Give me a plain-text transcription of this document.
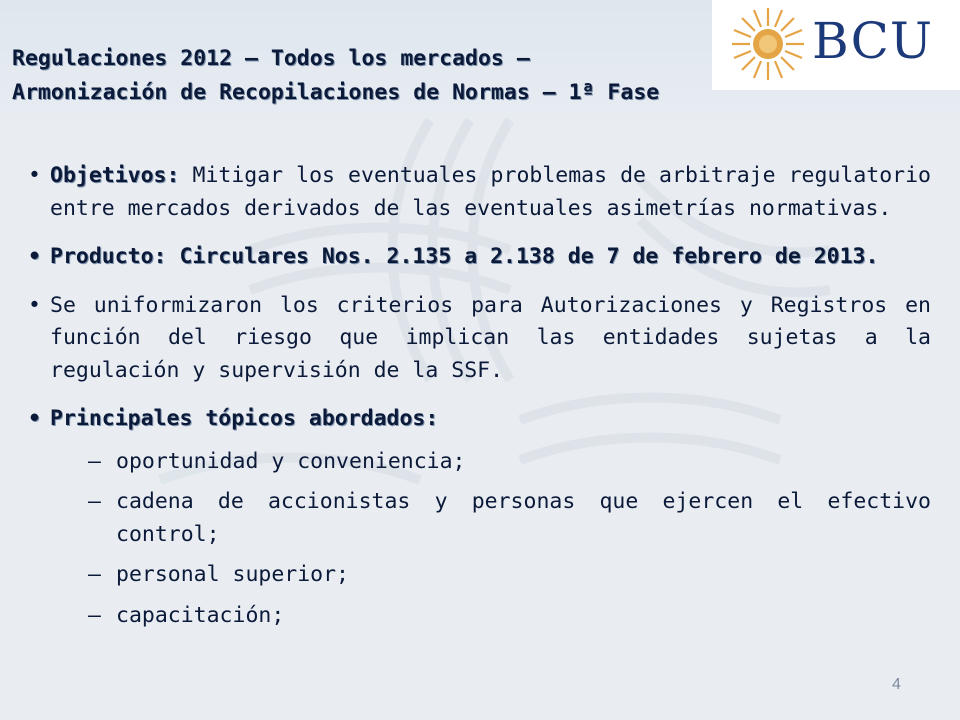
BCU
Regulaciones 2012 – Todos los mercados –
Armonización de Recopilaciones de Normas – 1ª Fase

• Objetivos: Mitigar los eventuales problemas de arbitraje regulatorio entre mercados derivados de las eventuales asimetrías normativas.

• Producto: Circulares Nos. 2.135 a 2.138 de 7 de febrero de 2013.

• Se uniformizaron los criterios para Autorizaciones y Registros en función del riesgo que implican las entidades sujetas a la regulación y supervisión de la SSF.

• Principales tópicos abordados:

– oportunidad y conveniencia;

– cadena de accionistas y personas que ejercen el efectivo control;

– personal superior;

– capacitación;

4
